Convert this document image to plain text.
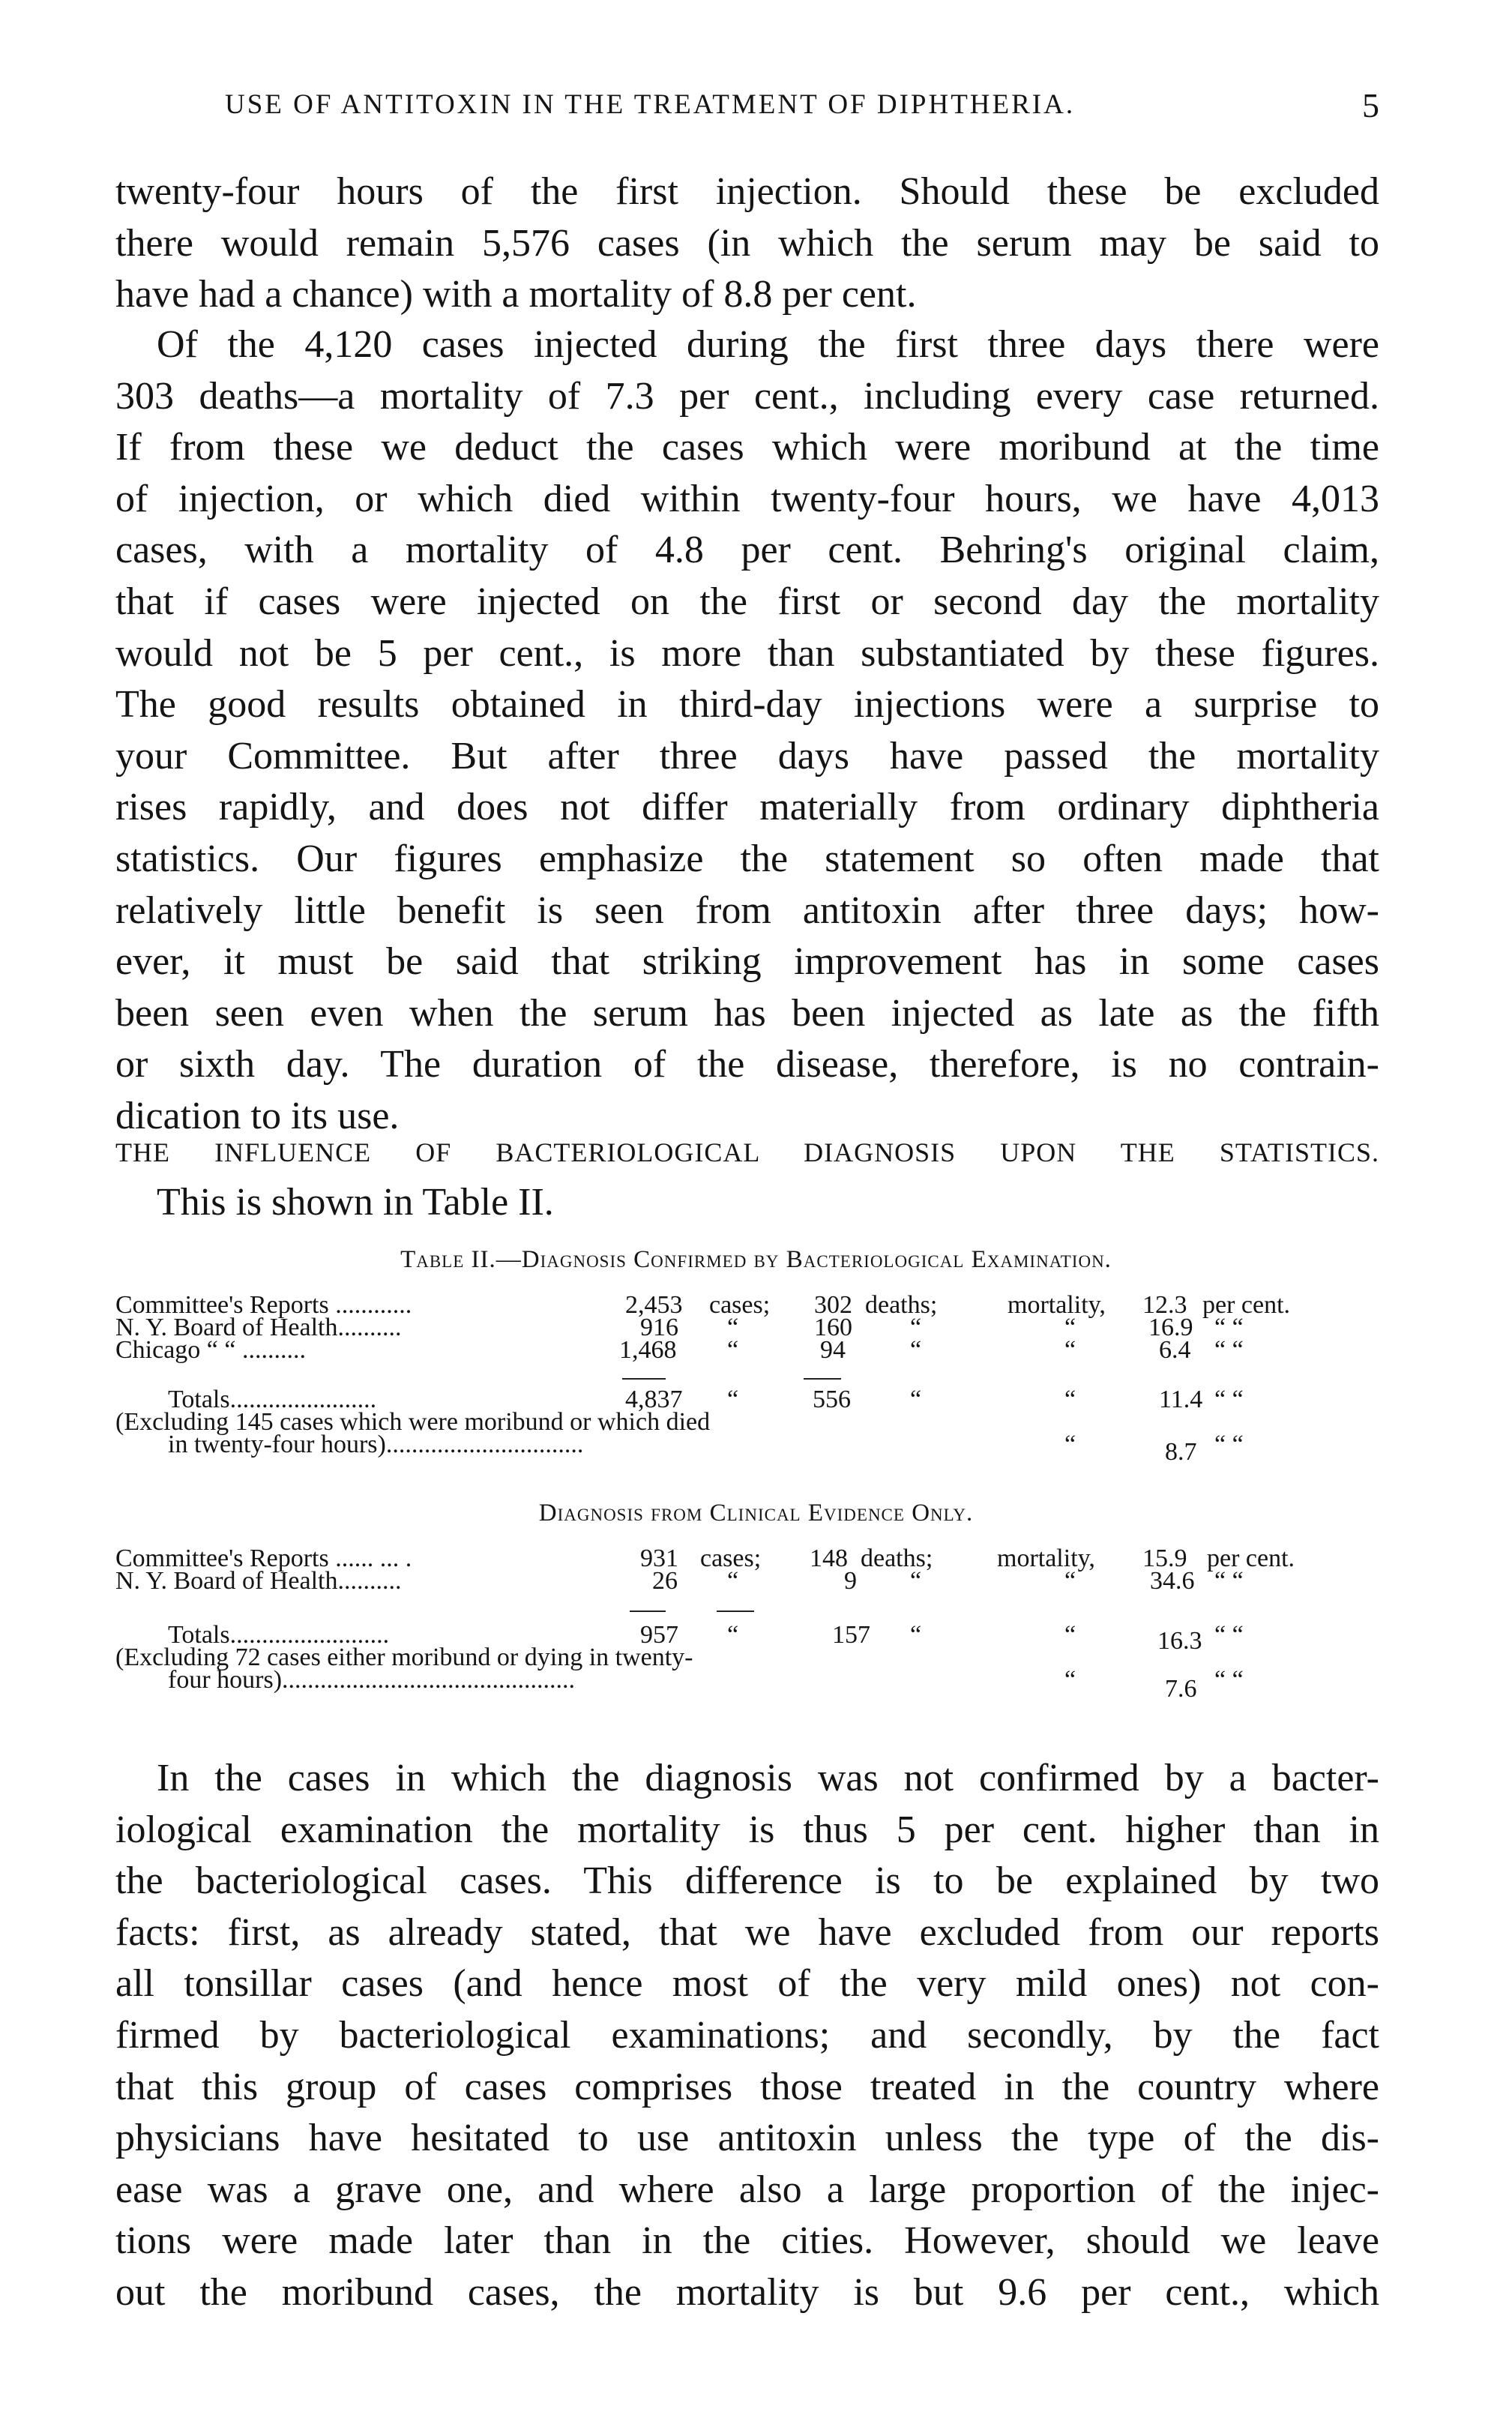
USE OF ANTITOXIN IN THE TREATMENT OF DIPHTHERIA.	5
twenty-four hours of the first injection. Should these be excluded
there would remain 5,576 cases (in which the serum may be said to
have had a chance) with a mortality of 8.8 per cent.
Of the 4,120 cases injected during the first three days there were
303 deaths—a mortality of 7.3 per cent., including every case returned.
If from these we deduct the cases which were moribund at the time
of injection, or which died within twenty-four hours, we have 4,013
cases, with a mortality of 4.8 per cent. Behring's original claim,
that if cases were injected on the first or second day the mortality
would not be 5 per cent., is more than substantiated by these figures.
The good results obtained in third-day injections were a surprise to
your Committee. But after three days have passed the mortality
rises rapidly, and does not differ materially from ordinary diphtheria
statistics. Our figures emphasize the statement so often made that
relatively little benefit is seen from antitoxin after three days; how-
ever, it must be said that striking improvement has in some cases
been seen even when the serum has been injected as late as the fifth
or sixth day. The duration of the disease, therefore, is no contrain-
dication to its use.
THE INFLUENCE OF BACTERIOLOGICAL DIAGNOSIS UPON THE STATISTICS.
This is shown in Table II.
Table II.—Diagnosis Confirmed by Bacteriological Examination.
Committee's Reports ............	2,453 cases; 302 deaths;	mortality, 12.3 per cent.
N. Y. Board of Health..........	916 “	160 “	“	16.9 “ “
Chicago “ “ ..........	1,468 “	94	“	“	6.4 “ “
Totals.......................	4,837 “	556 “	“	11.4 “ “
(Excluding 145 cases which were moribund or which died
in twenty-four hours)...............................	“	8.7 “ “
Diagnosis from Clinical Evidence Only.
Committee's Reports ...... ... .	931 cases; 148 deaths;	mortality, 15.9 per cent.
N. Y. Board of Health..........	26 “	9 “	“	34.6 “ “
Totals.........................	957 “	157 “	“	16.3 “ “
(Excluding 72 cases either moribund or dying in twenty-
four hours)..............................................	“	7.6 “ “
In the cases in which the diagnosis was not confirmed by a bacter-
iological examination the mortality is thus 5 per cent. higher than in
the bacteriological cases. This difference is to be explained by two
facts: first, as already stated, that we have excluded from our reports
all tonsillar cases (and hence most of the very mild ones) not con-
firmed by bacteriological examinations; and secondly, by the fact
that this group of cases comprises those treated in the country where
physicians have hesitated to use antitoxin unless the type of the dis-
ease was a grave one, and where also a large proportion of the injec-
tions were made later than in the cities. However, should we leave
out the moribund cases, the mortality is but 9.6 per cent., which
